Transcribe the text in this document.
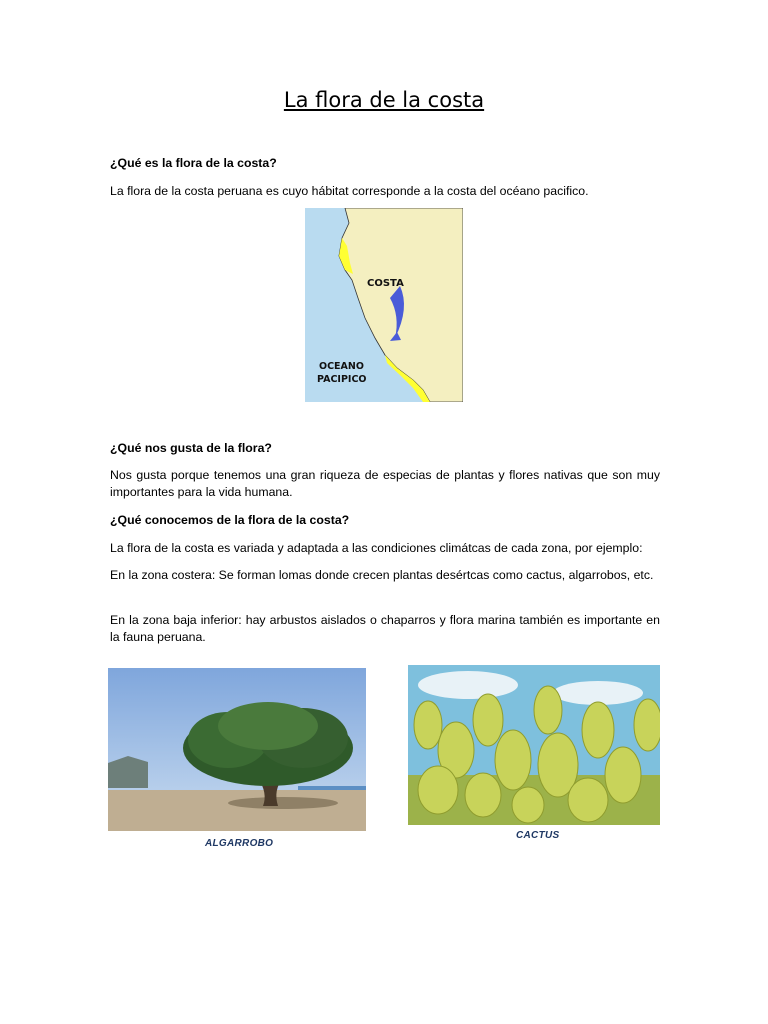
La flora de la costa
¿Qué es la flora de la costa?
La flora de la costa peruana es cuyo hábitat corresponde a la costa del océano pacifico.
COSTA
OCEANO
PACIPICO
¿Qué nos gusta de la flora?
Nos gusta porque tenemos una gran riqueza de especias de plantas y flores nativas que son muy importantes para la vida humana.
¿Qué conocemos de la flora de la costa?
La flora de la costa es variada y adaptada a las condiciones climátcas de cada zona, por ejemplo:
En la zona costera: Se forman lomas donde crecen plantas desértcas como cactus, algarrobos, etc.
En la zona baja inferior: hay arbustos aislados o chaparros y flora marina también es importante en la fauna peruana.
ALGARROBO
CACTUS
